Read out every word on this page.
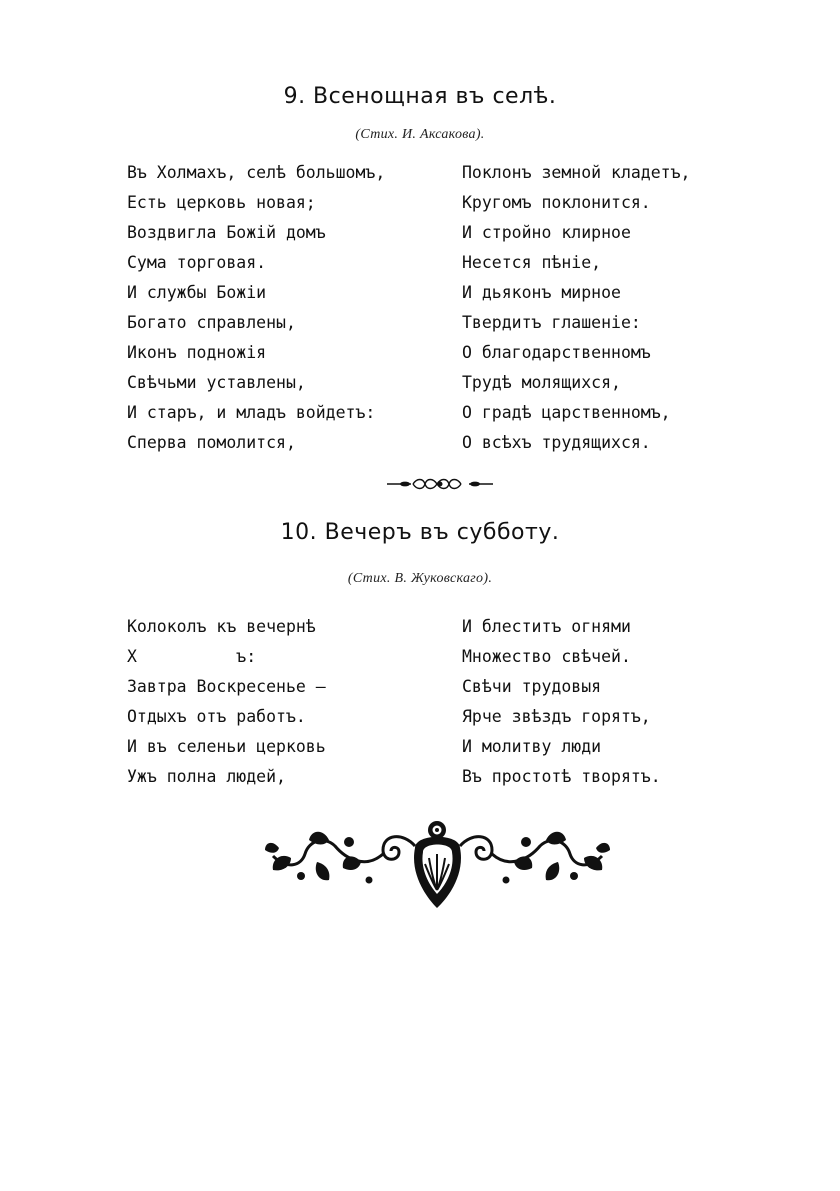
9. Всенощная въ селѣ.
(Стих. И. Аксакова).
Въ Холмахъ, селѣ большомъ,
Есть церковь новая;
Воздвигла Божій домъ
Сума торговая.
И службы Божіи
Богато справлены,
Иконъ подножія
Свѣчьми уставлены,
И старъ, и младъ войдетъ:
Сперва помолится,
Поклонъ земной кладетъ,
Кругомъ поклонится.
И стройно клирное
Несется пѣніе,
И дьяконъ мирное
Твердитъ глашеніе:
О благодарственномъ
Трудѣ молящихся,
О градѣ царственномъ,
О всѣхъ трудящихся.
10. Вечеръ въ субботу.
(Стих. В. Жуковскаго).
Колоколъ къ вечернѣ
Х          ъ:
Завтра Воскресенье —
Отдыхъ отъ работъ.
И въ селеньи церковь
Ужъ полна людей,
И блеститъ огнями
Множество свѣчей.
Свѣчи трудовыя
Ярче звѣздъ горятъ,
И молитву люди
Въ простотѣ творятъ.
